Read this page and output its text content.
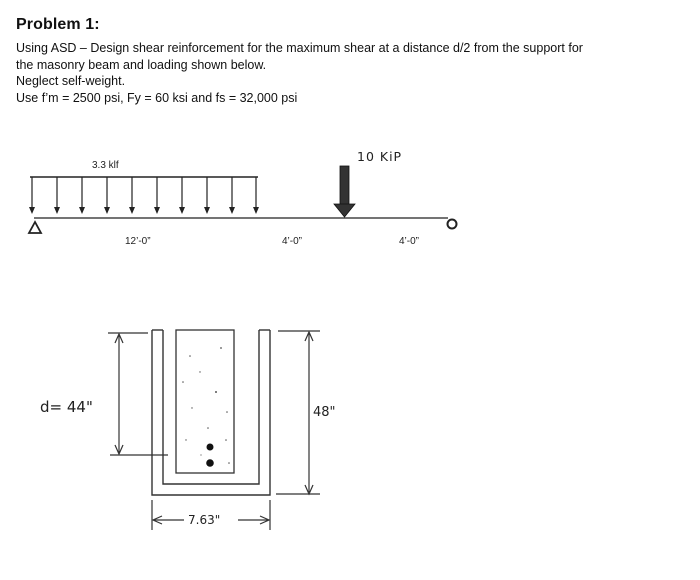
Problem 1:

Using ASD – Design shear reinforcement for the maximum shear at a distance d/2 from the support for

the masonry beam and loading shown below.

Neglect self-weight.

Use f’m = 2500 psi, Fy = 60 ksi and fs = 32,000 psi

3.3 klf
10 KiP
12’-0”	4’-0”	4’-0”
d= 44"	48"
7.63"
